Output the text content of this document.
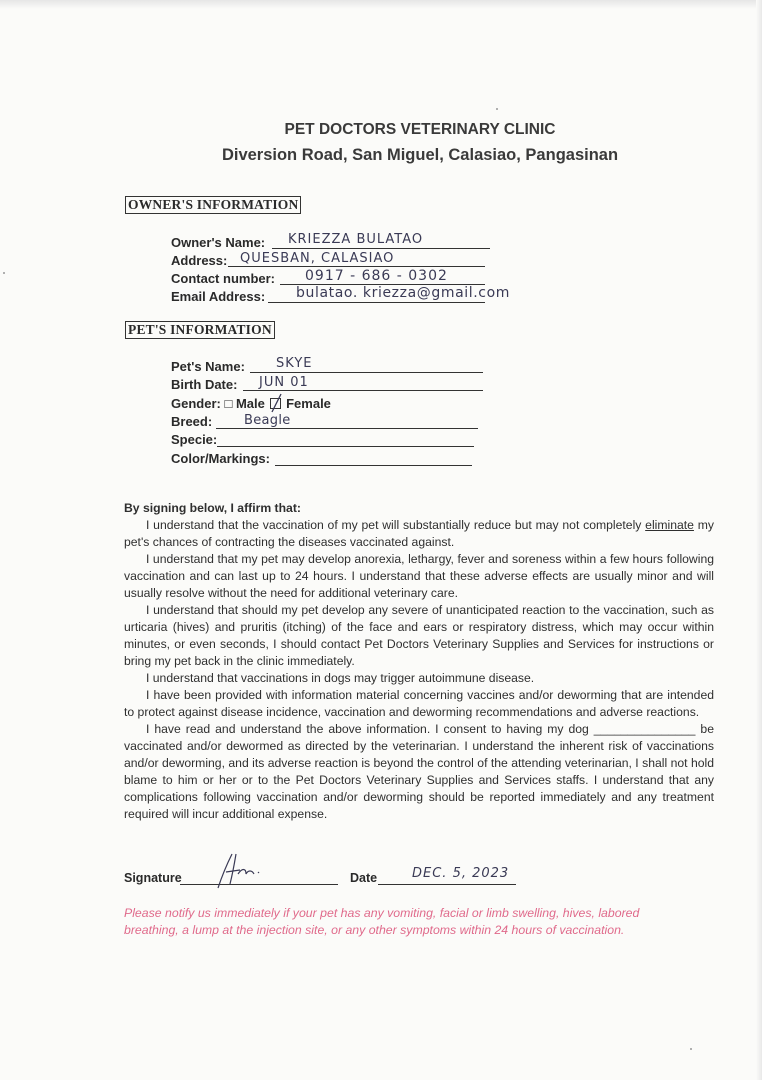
PET DOCTORS VETERINARY CLINIC
Diversion Road, San Miguel, Calasiao, Pangasinan
OWNER'S INFORMATION
Owner's Name: KRIEZZA BULATAO
Address: QUESBAN, CALASIAO
Contact number: 0917 - 686 - 0302
Email Address: bulatao. kriezza@gmail.com
PET'S INFORMATION
Pet's Name: SKYE
Birth Date: JUN 01
Gender: □ Male Female
Breed: Beagle
Specie:
Color/Markings:

By signing below, I affirm that:

I understand that the vaccination of my pet will substantially reduce but may not completely eliminate my pet's chances of contracting the diseases vaccinated against.

I understand that my pet may develop anorexia, lethargy, fever and soreness within a few hours following vaccination and can last up to 24 hours. I understand that these adverse effects are usually minor and will usually resolve without the need for additional veterinary care.

I understand that should my pet develop any severe of unanticipated reaction to the vaccination, such as urticaria (hives) and pruritis (itching) of the face and ears or respiratory distress, which may occur within minutes, or even seconds, I should contact Pet Doctors Veterinary Supplies and Services for instructions or bring my pet back in the clinic immediately.

I understand that vaccinations in dogs may trigger autoimmune disease.

I have been provided with information material concerning vaccines and/or deworming that are intended to protect against disease incidence, vaccination and deworming recommendations and adverse reactions.

I have read and understand the above information. I consent to having my dog _______________ be vaccinated and/or dewormed as directed by the veterinarian. I understand the inherent risk of vaccinations and/or deworming, and its adverse reaction is beyond the control of the attending veterinarian, I shall not hold blame to him or her or to the Pet Doctors Veterinary Supplies and Services staffs. I understand that any complications following vaccination and/or deworming should be reported immediately and any treatment required will incur additional expense.

Signature	Date	DEC. 5, 2023
Please notify us immediately if your pet has any vomiting, facial or limb swelling, hives, labored breathing, a lump at the injection site, or any other symptoms within 24 hours of vaccination.
